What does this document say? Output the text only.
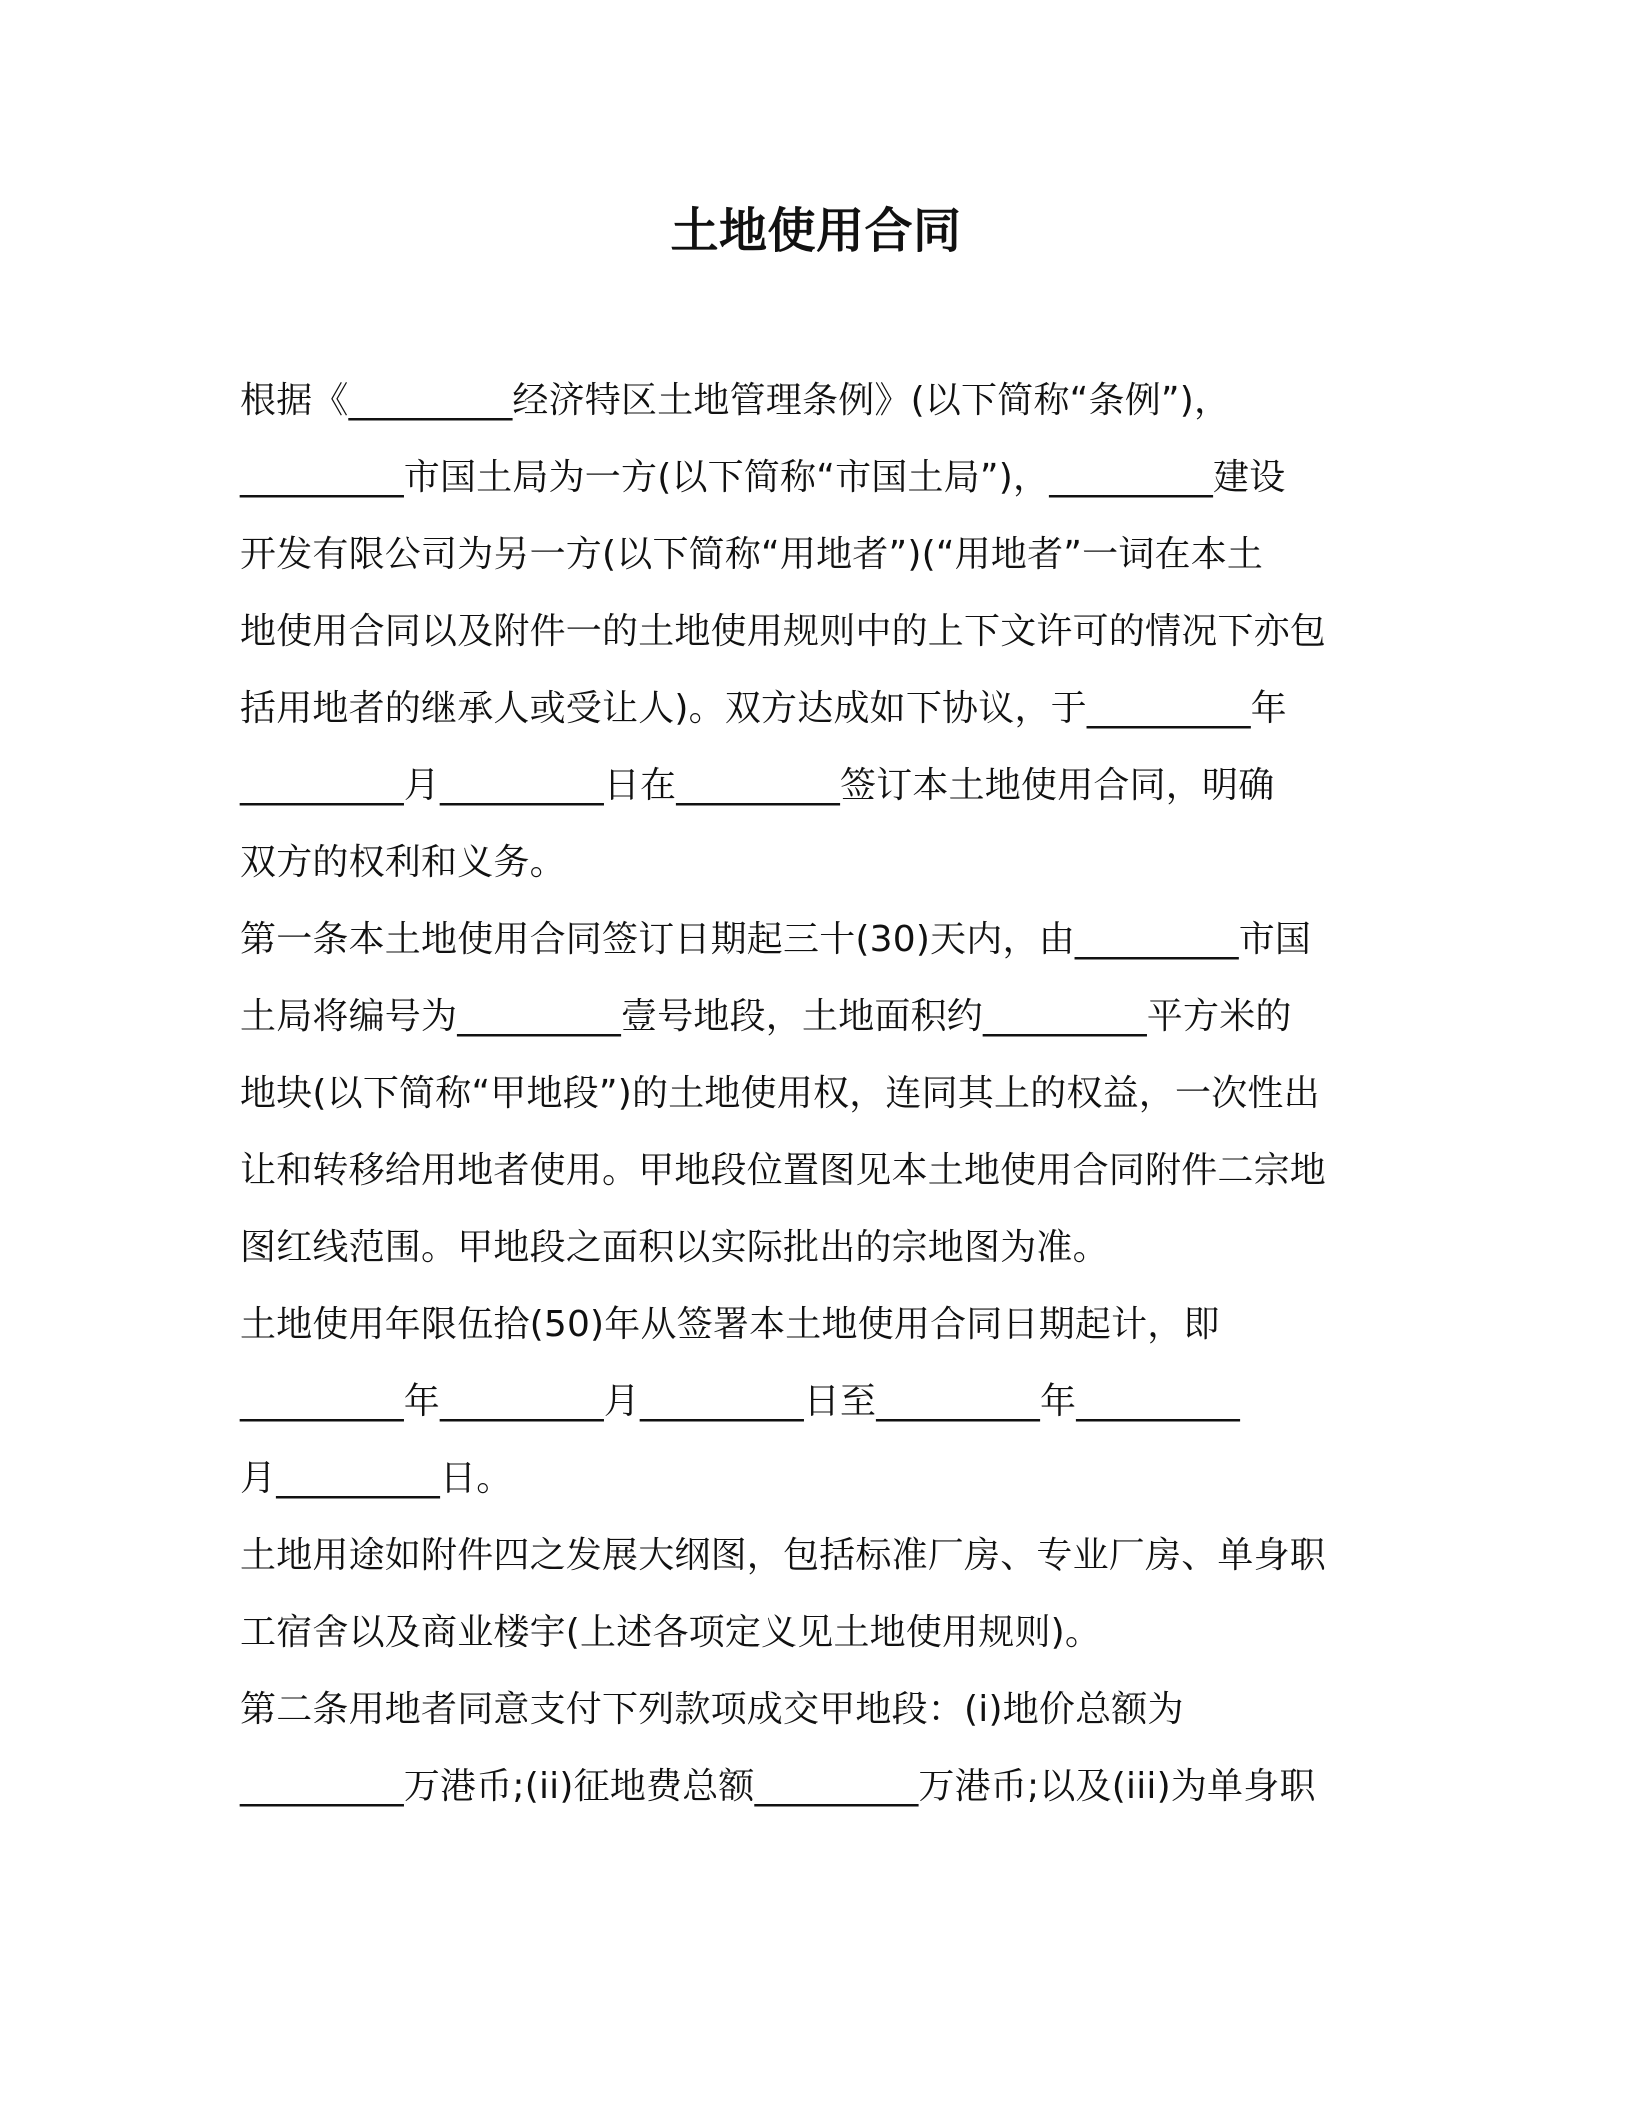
土地使用合同
根据《_________经济特区土地管理条例》(以下简称“条例”)，
_________市国土局为一方(以下简称“市国土局”)，_________建设
开发有限公司为另一方(以下简称“用地者”)(“用地者”一词在本土
地使用合同以及附件一的土地使用规则中的上下文许可的情况下亦包
括用地者的继承人或受让人)。双方达成如下协议，于_________年
_________月_________日在_________签订本土地使用合同，明确
双方的权利和义务。
第一条本土地使用合同签订日期起三十(30)天内，由_________市国
土局将编号为_________壹号地段，土地面积约_________平方米的
地块(以下简称“甲地段”)的土地使用权，连同其上的权益，一次性出
让和转移给用地者使用。甲地段位置图见本土地使用合同附件二宗地
图红线范围。甲地段之面积以实际批出的宗地图为准。
土地使用年限伍拾(50)年从签署本土地使用合同日期起计，即
_________年_________月_________日至_________年_________
月_________日。
土地用途如附件四之发展大纲图，包括标准厂房、专业厂房、单身职
工宿舍以及商业楼宇(上述各项定义见土地使用规则)。
第二条用地者同意支付下列款项成交甲地段：(i)地价总额为
_________万港币;(ii)征地费总额_________万港币;以及(iii)为单身职
